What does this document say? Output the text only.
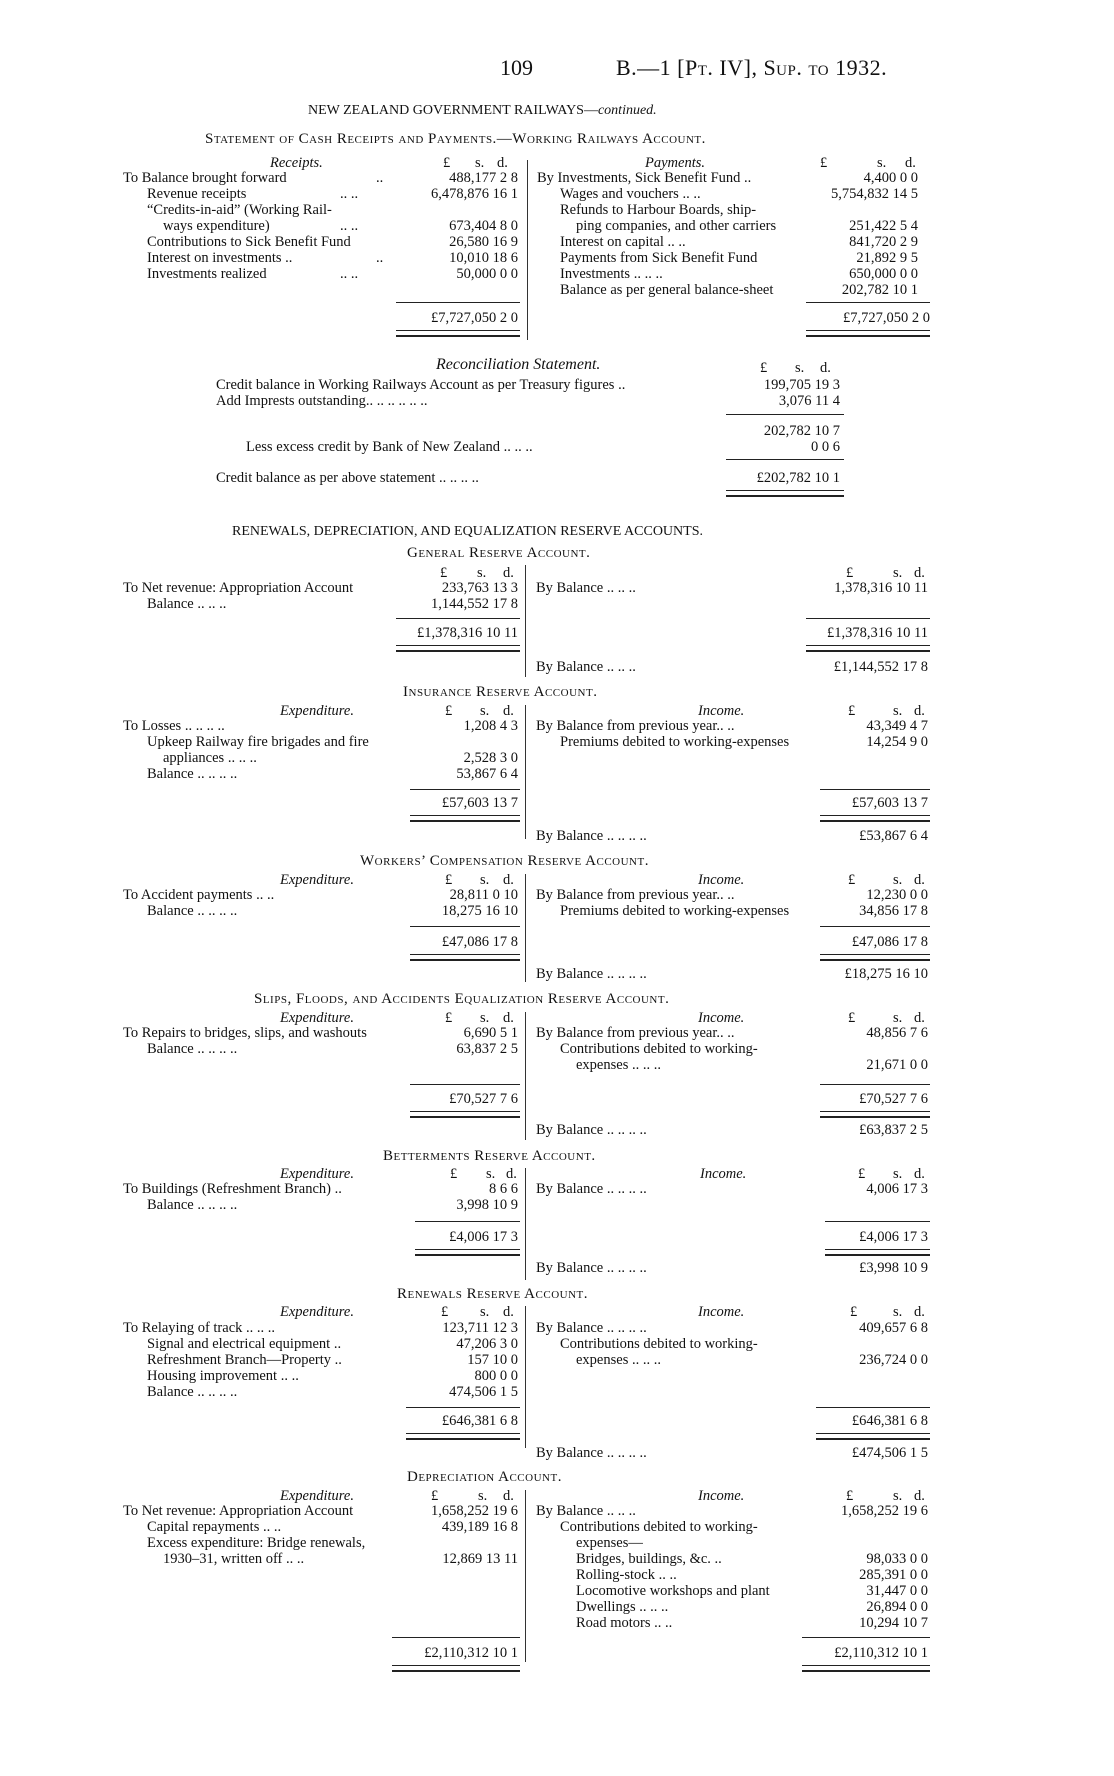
109	B.—1 [Pt. IV], Sup. to 1932.
NEW ZEALAND GOVERNMENT RAILWAYS—continued.
Statement of Cash Receipts and Payments.—Working Railways Account.
Receipts.	£ s. d.	Payments.	£	s. d.
To Balance brought forward	..	488,177 2 8
Revenue receipts	.. ..	6,478,876 16 1
“Credits-in-aid” (Working Rail-
ways expenditure)	.. ..	673,404 8 0
Contributions to Sick Benefit Fund	26,580 16 9
Interest on investments ..	..	10,010 18 6
Investments realized	.. ..	50,000 0 0
£7,727,050 2 0
By Investments, Sick Benefit Fund ..	4,400 0 0
Wages and vouchers .. ..	5,754,832 14 5
Refunds to Harbour Boards, ship-
ping companies, and other carriers	251,422 5 4
Interest on capital .. ..	841,720 2 9
Payments from Sick Benefit Fund	21,892 9 5
Investments .. .. ..	650,000 0 0
Balance as per general balance-sheet	202,782 10 1
£7,727,050 2 0
Reconciliation Statement.	£ s. d.
Credit balance in Working Railways Account as per Treasury figures ..	199,705 19 3
Add Imprests outstanding.. .. .. .. .. ..	3,076 11 4
202,782 10 7
Less excess credit by Bank of New Zealand .. .. ..	0 0 6
Credit balance as per above statement .. .. .. ..	£202,782 10 1
RENEWALS, DEPRECIATION, AND EQUALIZATION RESERVE ACCOUNTS.
General Reserve Account.
£ s. d.	£	s. d.
To Net revenue: Appropriation Account	233,763 13 3
Balance .. .. ..	1,144,552 17 8
£1,378,316 10 11
By Balance .. .. ..	1,378,316 10 11
£1,378,316 10 11
By Balance .. .. ..	£1,144,552 17 8
Insurance Reserve Account.
Expenditure.	£ s. d.	Income.	£	s. d.
To Losses .. .. .. ..	1,208 4 3
Upkeep Railway fire brigades and fire
appliances .. .. ..	2,528 3 0
Balance .. .. .. ..	53,867 6 4
£57,603 13 7
By Balance from previous year.. ..	43,349 4 7
Premiums debited to working-expenses	14,254 9 0
£57,603 13 7
By Balance .. .. .. ..	£53,867 6 4
Workers’ Compensation Reserve Account.
Expenditure.	£ s. d.	Income.	£	s. d.
To Accident payments .. ..	28,811 0 10
Balance .. .. .. ..	18,275 16 10
£47,086 17 8
By Balance from previous year.. ..	12,230 0 0
Premiums debited to working-expenses	34,856 17 8
£47,086 17 8
By Balance .. .. .. ..	£18,275 16 10
Slips, Floods, and Accidents Equalization Reserve Account.
Expenditure.	£ s. d.	Income.	£	s. d.
To Repairs to bridges, slips, and washouts	6,690 5 1
Balance .. .. .. ..	63,837 2 5
£70,527 7 6
By Balance from previous year.. ..	48,856 7 6
Contributions debited to working-
expenses .. .. ..	21,671 0 0
£70,527 7 6
By Balance .. .. .. ..	£63,837 2 5
Betterments Reserve Account.
Expenditure.	£ s. d.	Income.	£ s. d.
To Buildings (Refreshment Branch) ..	8 6 6
Balance .. .. .. ..	3,998 10 9
£4,006 17 3
By Balance .. .. .. ..	4,006 17 3
£4,006 17 3
By Balance .. .. .. ..	£3,998 10 9
Renewals Reserve Account.
Expenditure.	£ s. d.	Income.	£ s. d.
To Relaying of track .. .. ..	123,711 12 3
Signal and electrical equipment ..	47,206 3 0
Refreshment Branch—Property ..	157 10 0
Housing improvement .. ..	800 0 0
Balance .. .. .. ..	474,506 1 5
£646,381 6 8
By Balance .. .. .. ..	409,657 6 8
Contributions debited to working-
expenses .. .. ..	236,724 0 0
£646,381 6 8
By Balance .. .. .. ..	£474,506 1 5
Depreciation Account.
Expenditure.	£	s. d.	Income.	£	s. d.
To Net revenue: Appropriation Account	1,658,252 19 6
Capital repayments .. ..	439,189 16 8
Excess expenditure: Bridge renewals,
1930–31, written off .. ..	12,869 13 11
£2,110,312 10 1
By Balance .. .. ..	1,658,252 19 6
Contributions debited to working-
expenses—
Bridges, buildings, &c. ..	98,033 0 0
Rolling-stock .. ..	285,391 0 0
Locomotive workshops and plant	31,447 0 0
Dwellings .. .. ..	26,894 0 0
Road motors .. ..	10,294 10 7
£2,110,312 10 1
